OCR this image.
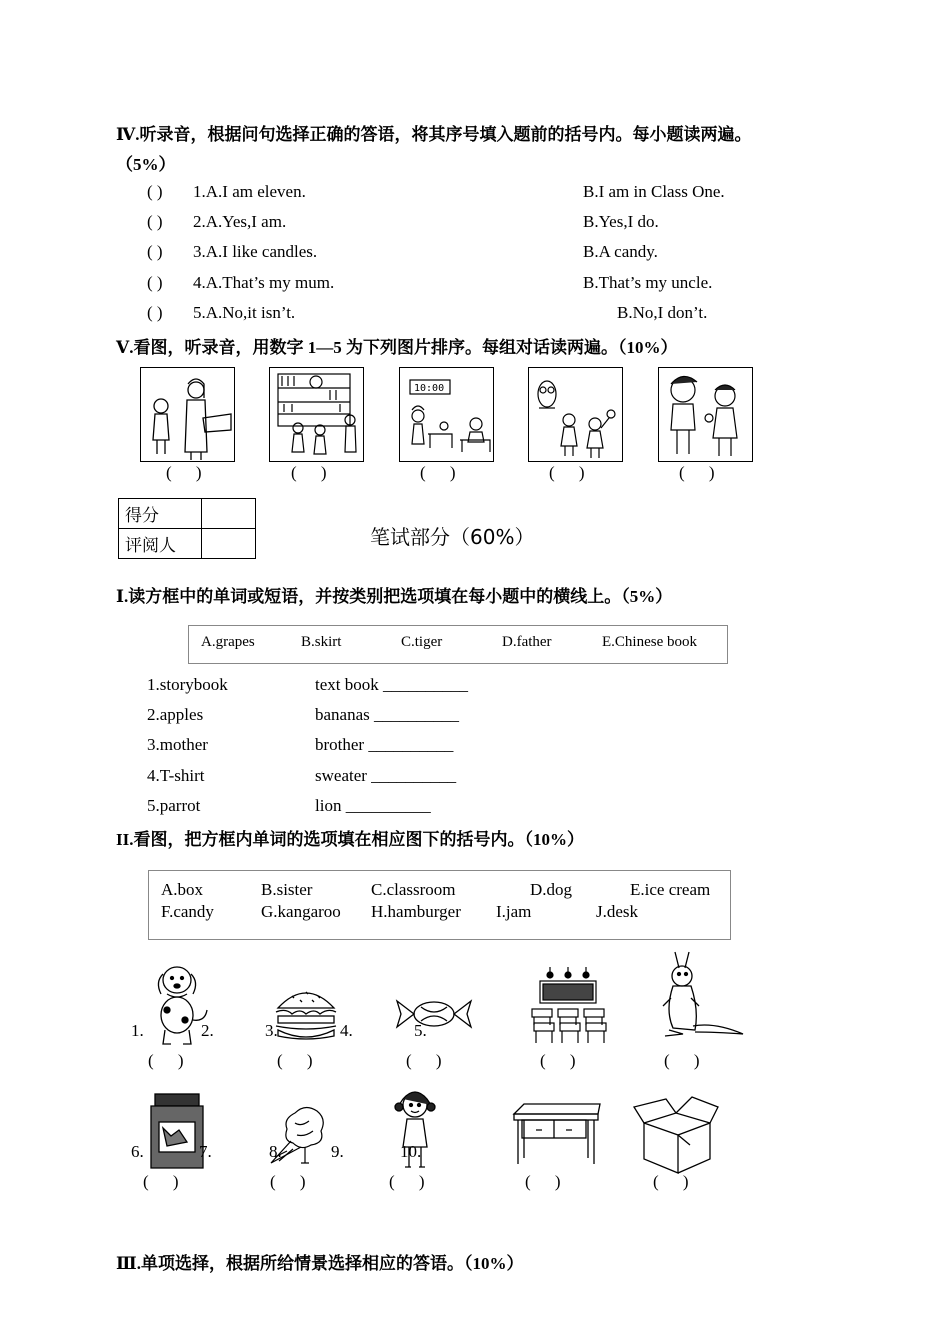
Ⅳ.听录音，根据问句选择正确的答语，将其序号填入题前的括号内。每小题读两遍。
（5%）
( ) 1.A.I am eleven.	B.I am in Class One.
( ) 2.A.Yes,I am.	B.Yes,I do.
( ) 3.A.I like candles.	B.A candy.
( ) 4.A.That’s my mum.	B.That’s my uncle.
( ) 5.A.No,it isn’t.	B.No,I don’t.
Ⅴ.看图，听录音，用数字 1—5 为下列图片排序。每组对话读两遍。（10%）
10:00
( )	( )	( )	( )	( )
得分	
评阅人		笔试部分（60%）
Ⅰ.读方框中的单词或短语，并按类别把选项填在每小题中的横线上。（5%）
A.grapes	B.skirt	C.tiger	D.father	E.Chinese book
1.storybook	text book __________
2.apples	bananas __________
3.mother	brother __________
4.T-shirt	sweater __________
5.parrot	lion __________
II.看图，把方框内单词的选项填在相应图下的括号内。（10%）
A.box	B.sister	C.classroom	D.dog	E.ice cream
F.candy	G.kangaroo H.hamburger I.jam	J.desk
1.	2.	3.	4.	5.
( )	( )	( )	( )	( )
6.	7.	8.	9.	10.
( )	( )	( )	( )	( )
Ⅲ.单项选择，根据所给情景选择相应的答语。（10%）
